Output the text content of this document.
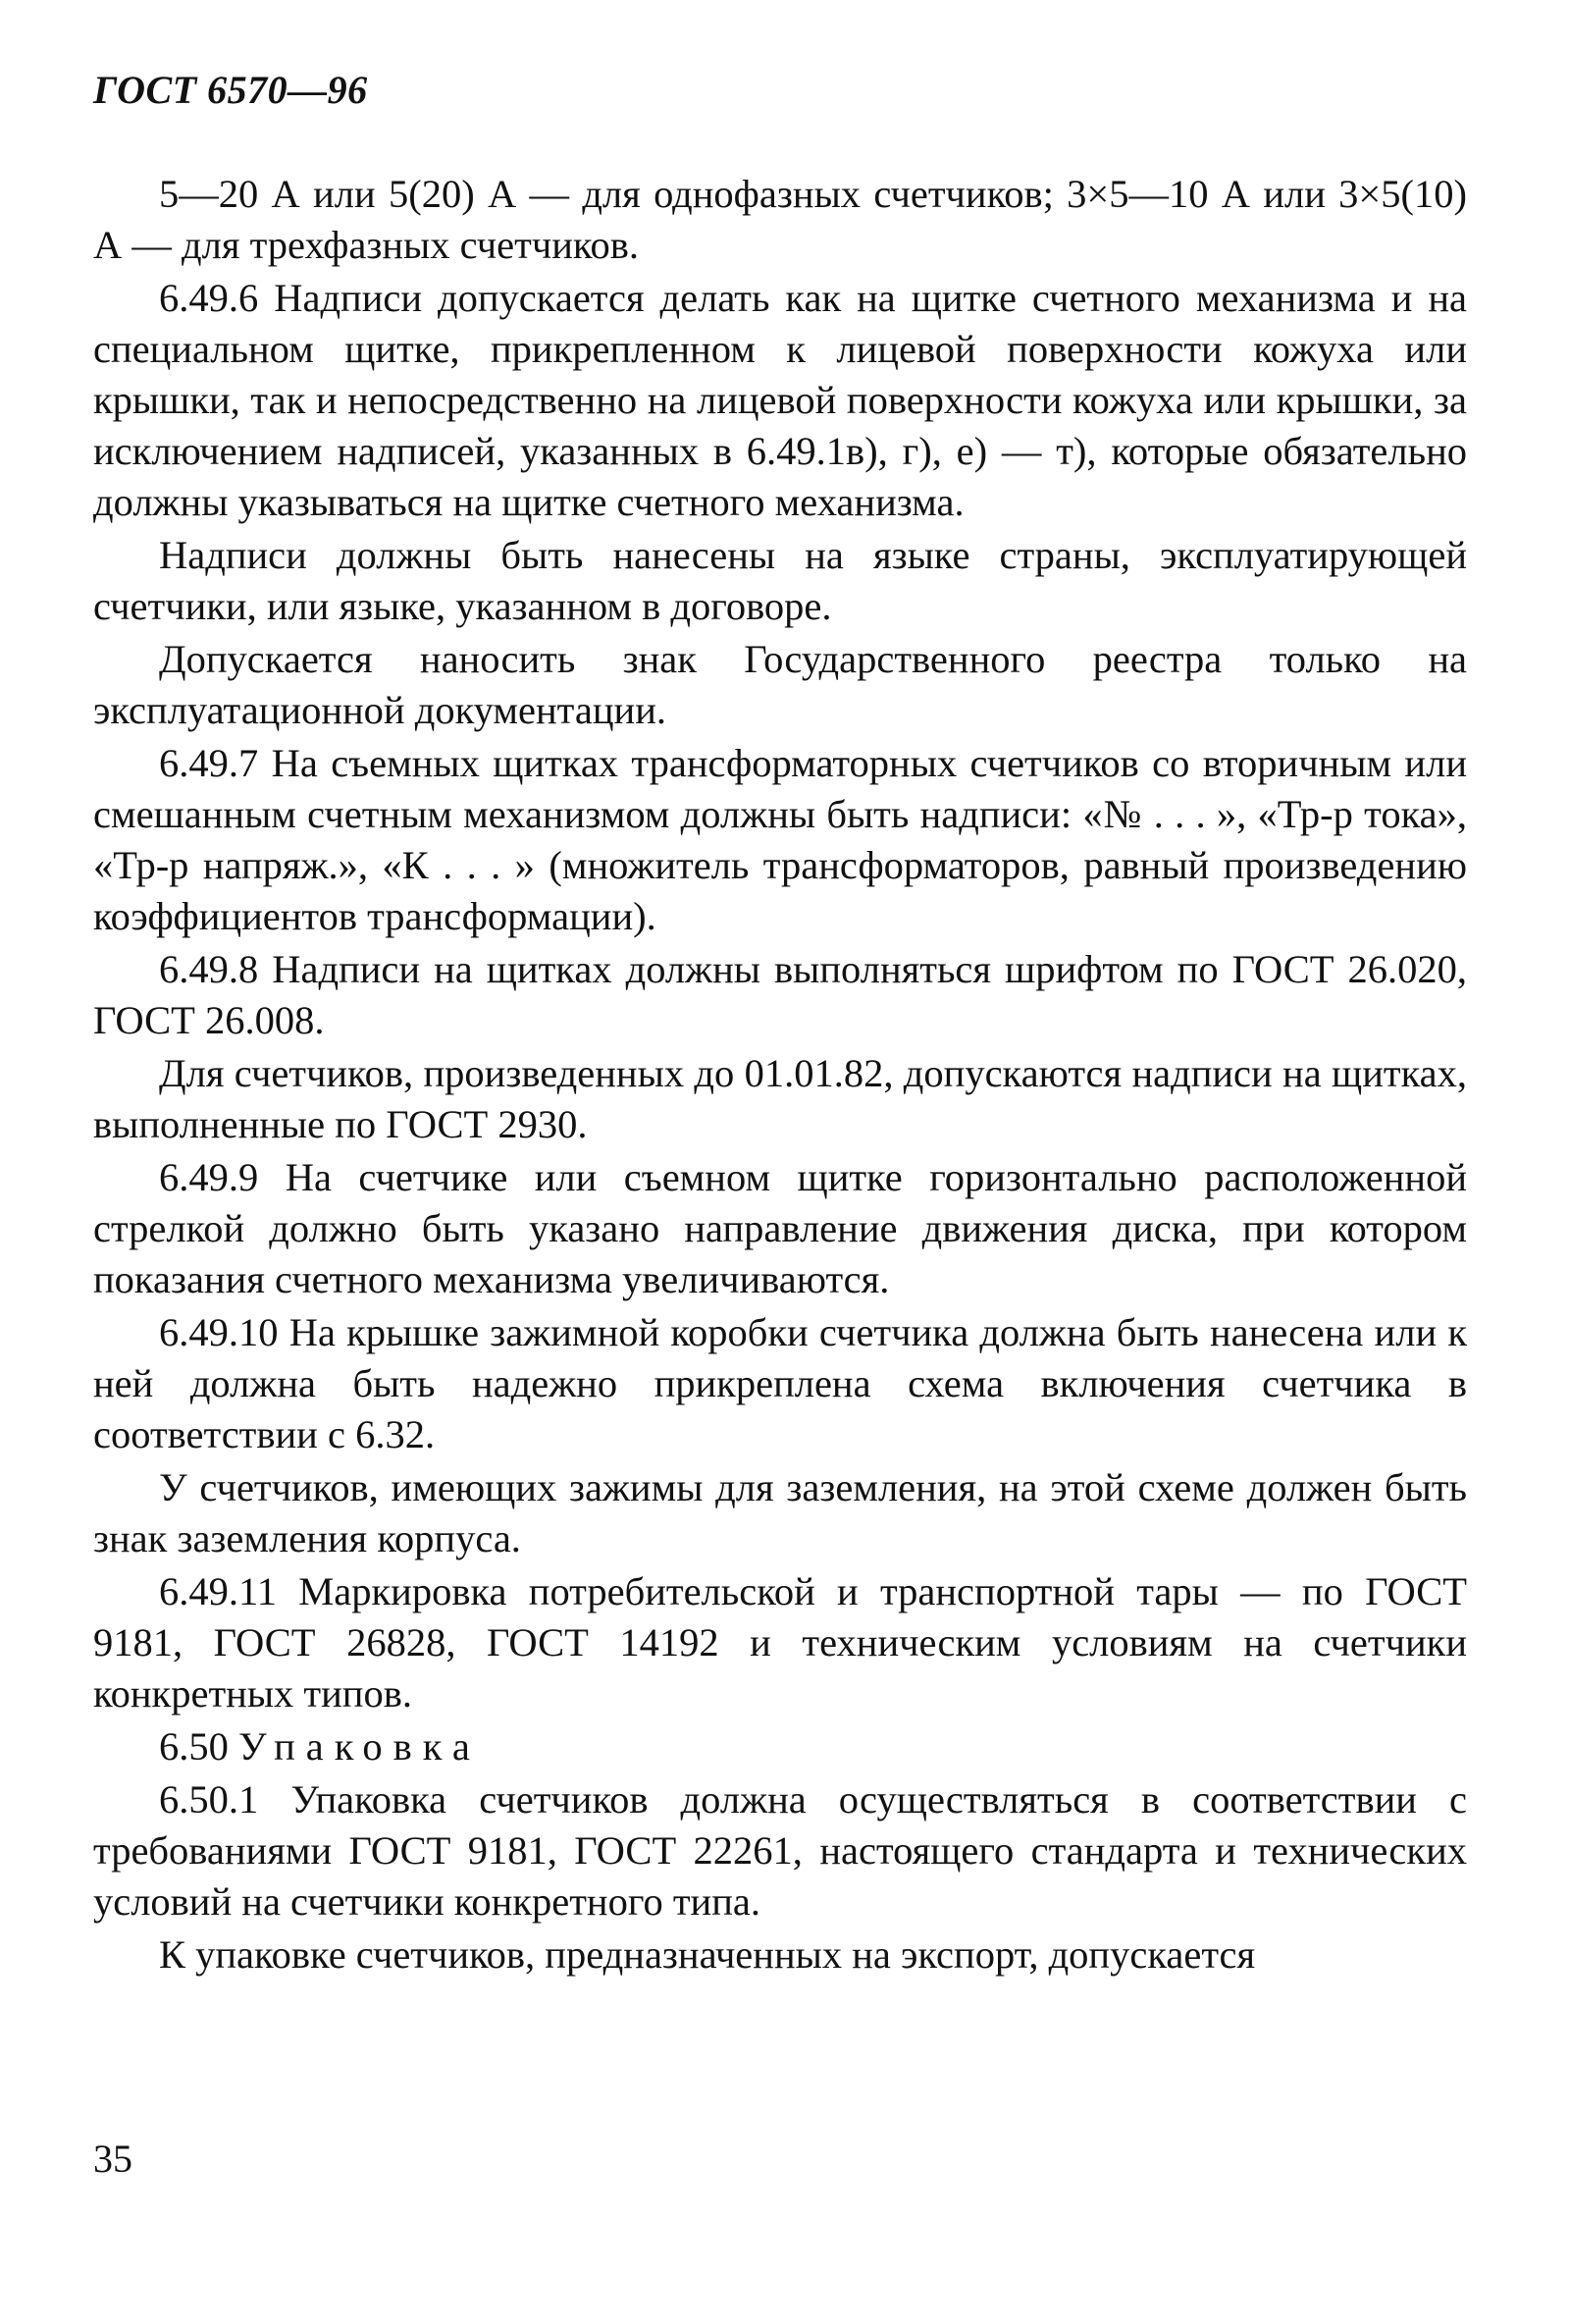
ГОСТ 6570—96

5—20 А или 5(20) А — для однофазных счетчиков; 3×5—10 А или 3×5(10) А — для трехфазных счетчиков.

6.49.6 Надписи допускается делать как на щитке счетного механизма и на специальном щитке, прикрепленном к лицевой поверхности кожуха или крышки, так и непосредственно на лицевой поверхности кожуха или крышки, за исключением надписей, указанных в 6.49.1в), г), е) — т), которые обязательно должны указываться на щитке счетного механизма.

Надписи должны быть нанесены на языке страны, эксплуатирующей счетчики, или языке, указанном в договоре.

Допускается наносить знак Государственного реестра только на эксплуатационной документации.

6.49.7 На съемных щитках трансформаторных счетчиков со вторичным или смешанным счетным механизмом должны быть надписи: «№ . . . », «Тр-р тока», «Тр-р напряж.», «К . . . » (множитель трансформаторов, равный произведению коэффициентов трансформации).

6.49.8 Надписи на щитках должны выполняться шрифтом по ГОСТ 26.020, ГОСТ 26.008.

Для счетчиков, произведенных до 01.01.82, допускаются надписи на щитках, выполненные по ГОСТ 2930.

6.49.9 На счетчике или съемном щитке горизонтально расположенной стрелкой должно быть указано направление движения диска, при котором показания счетного механизма увеличиваются.

6.49.10 На крышке зажимной коробки счетчика должна быть нанесена или к ней должна быть надежно прикреплена схема включения счетчика в соответствии с 6.32.

У счетчиков, имеющих зажимы для заземления, на этой схеме должен быть знак заземления корпуса.

6.49.11 Маркировка потребительской и транспортной тары — по ГОСТ 9181, ГОСТ 26828, ГОСТ 14192 и техническим условиям на счетчики конкретных типов.

6.50 Упаковка

6.50.1 Упаковка счетчиков должна осуществляться в соответствии с требованиями ГОСТ 9181, ГОСТ 22261, настоящего стандарта и технических условий на счетчики конкретного типа.

К упаковке счетчиков, предназначенных на экспорт, допускается

35
